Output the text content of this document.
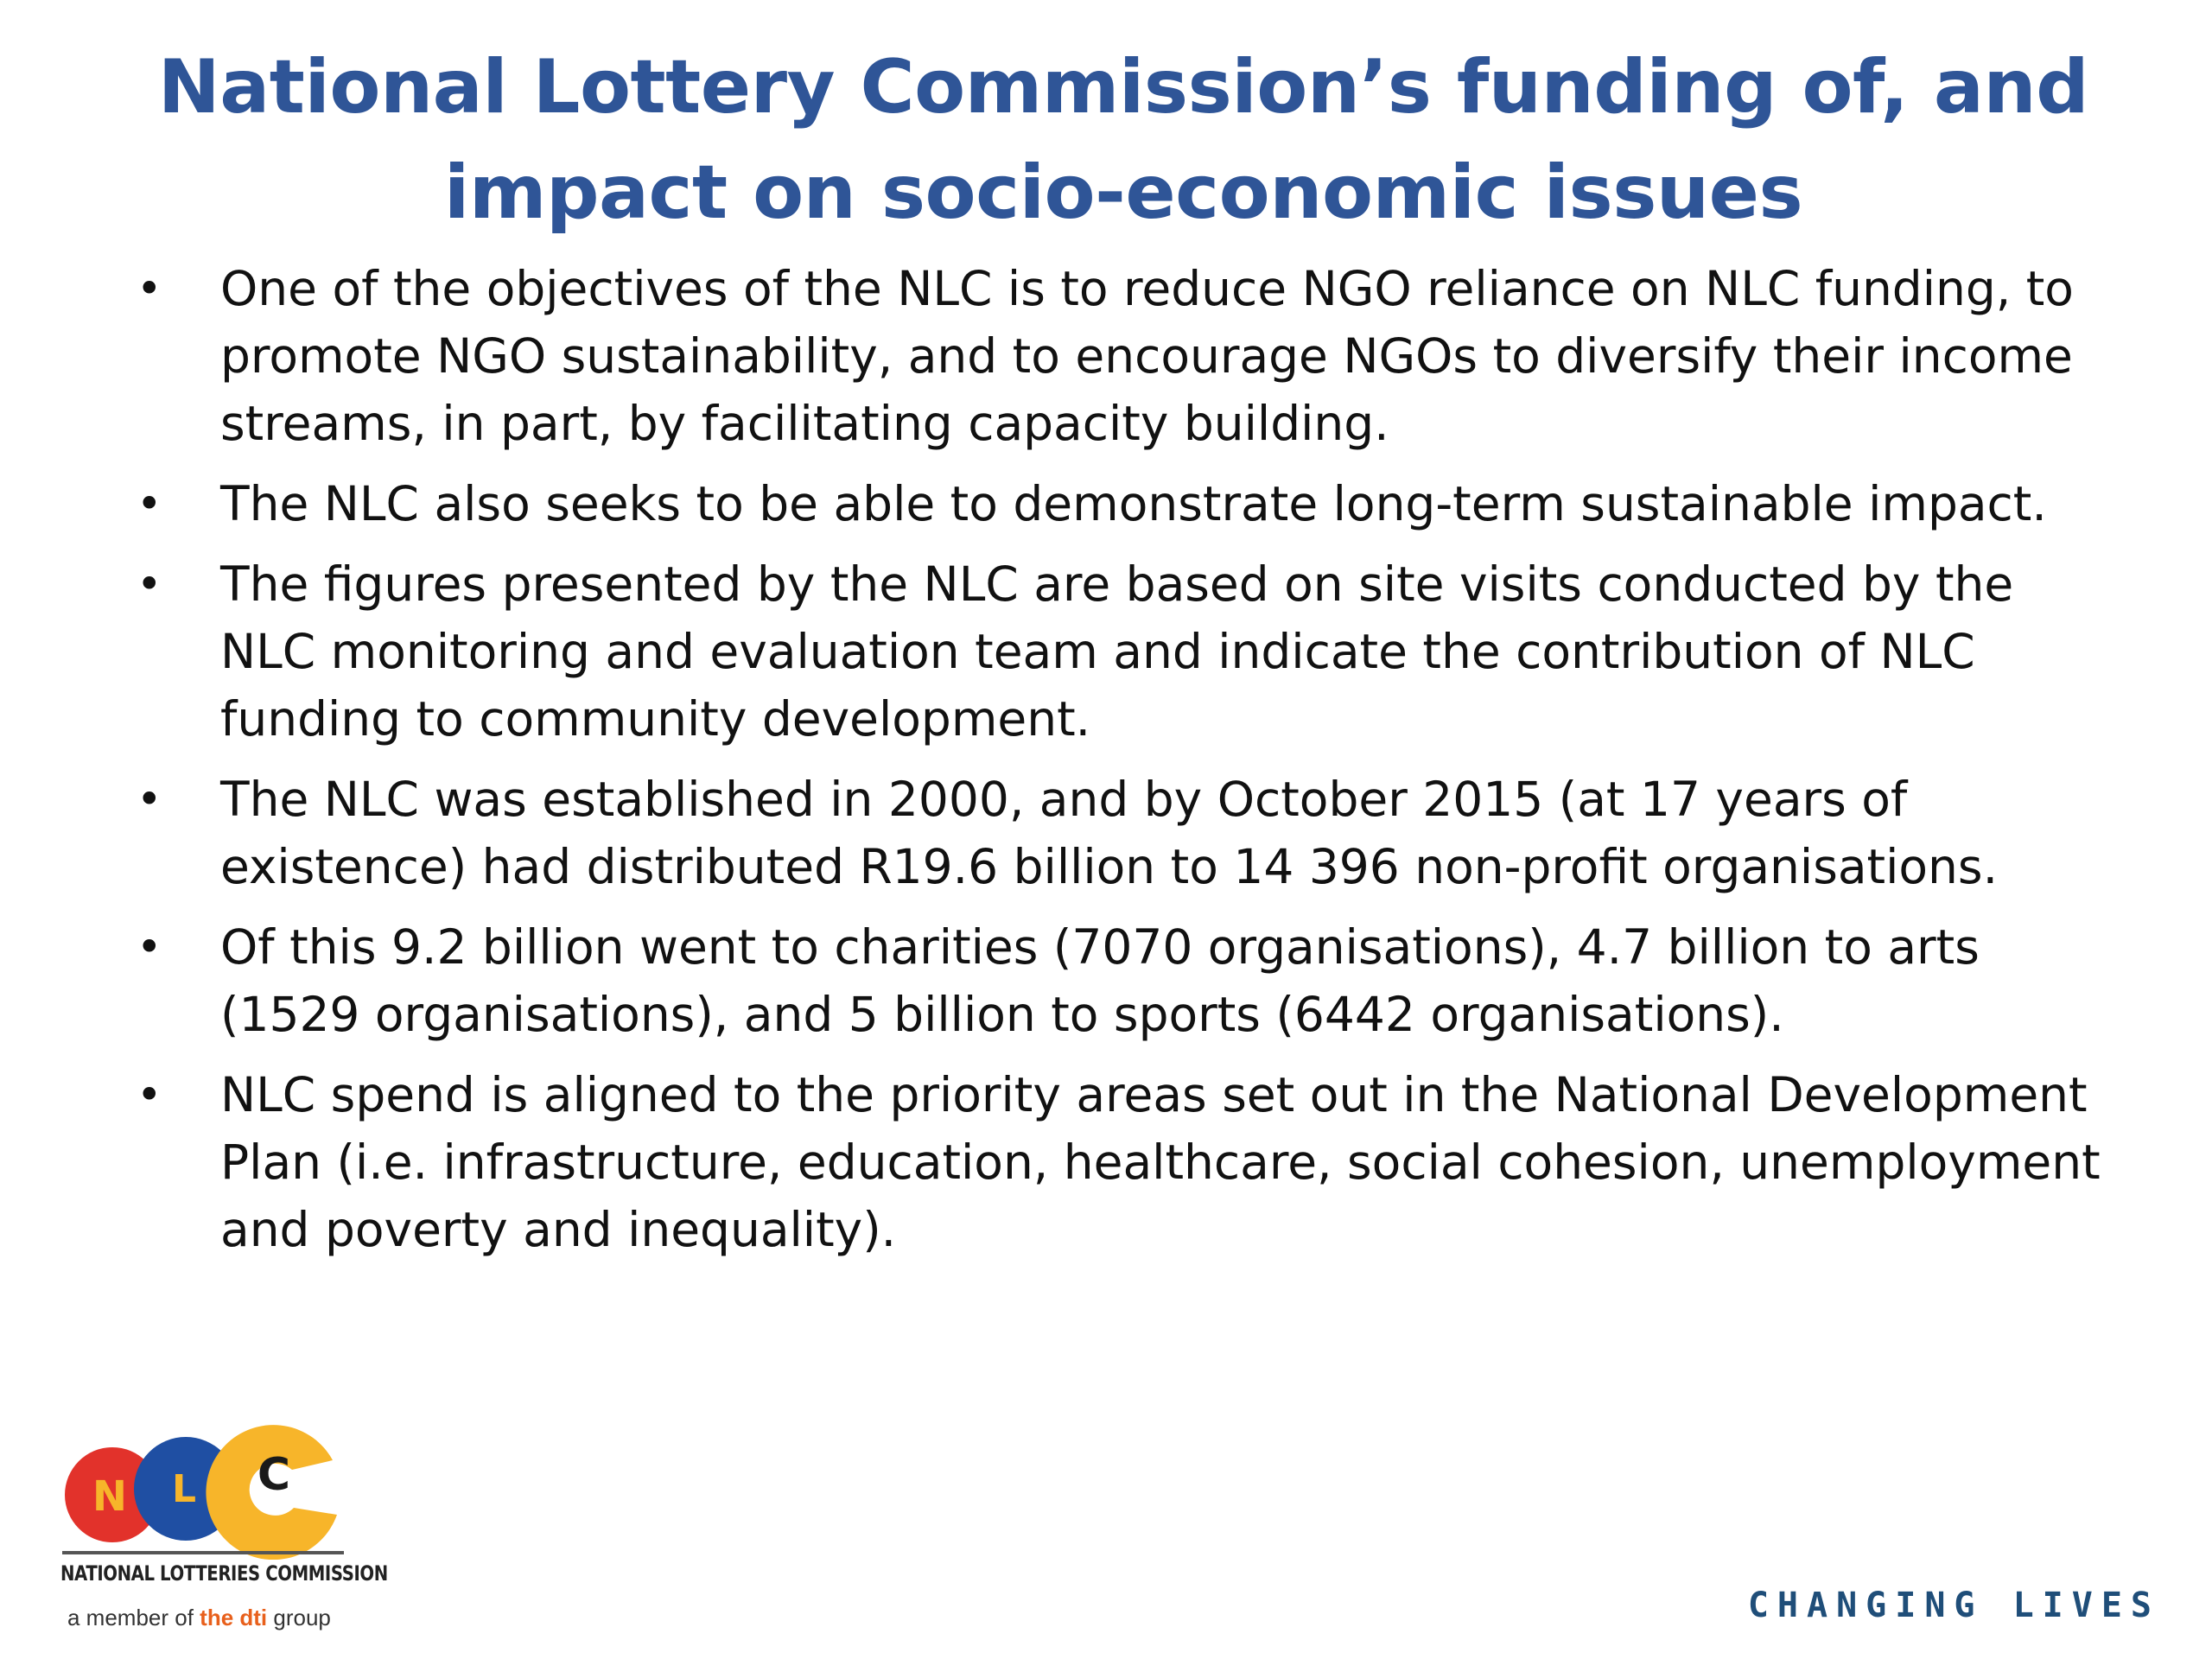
National Lottery Commission’s funding of, and impact on socio-economic issues
• One of the objectives of the NLC is to reduce NGO reliance on NLC funding, to promote NGO sustainability, and to encourage NGOs to diversify their income streams, in part, by facilitating capacity building.
• The NLC also seeks to be able to demonstrate long-term sustainable impact.
• The figures presented by the NLC are based on site visits conducted by the NLC monitoring and evaluation team and indicate the contribution of NLC funding to community development.
• The NLC was established in 2000, and by October 2015 (at 17 years of existence) had distributed R19.6 billion to 14 396 non-profit organisations.
• Of this 9.2 billion went to charities (7070 organisations), 4.7 billion to arts (1529 organisations), and 5 billion to sports (6442 organisations).
• NLC spend is aligned to the priority areas set out in the National Development Plan (i.e. infrastructure, education, healthcare, social cohesion, unemployment and poverty and inequality).
N L C
NATIONAL LOTTERIES COMMISSION
a member of the dti group	CHANGING LIVES
